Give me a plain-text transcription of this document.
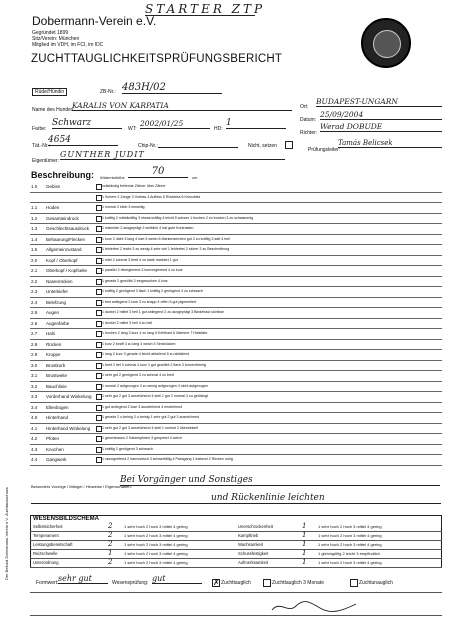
STARTER ZTP
Dobermann-Verein e.V.
Gegründet 1899
Sitz/Verein: München
Mitglied im VDH, im FCI, im IDC
ZUCHTTAUGLICHKEITSPRÜFUNGSBERICHT
Rüde/Hündin	ZB-Nr.: 483H/02
Ort:
BUDAPEST-UNGARN
Name des Hundes:
KARALIS VON KARPATIA
Datum:
25/09/2004
Farbe:
Schwarz
WT:
2002/01/25
HD:
1
Richter:
Werad DOBUDE
Tät.-Nr.:
4654
Chip-Nr.:	Nicht, setzen
Prüfungsleiter:
Tamás Belicsek
Eigentümer:
GUNTHER JUDIT
Beschreibung: Widerristhöhe
70
cm
1.0 Gebiss	vollständig fehlende Zähne: über Zähne
1 Schere 2 Zange 3 Vorbiss 4 Aufbiss 5 Rückbiss 6 Kreuzbiss
1.1 Hoden	1 normal 2 klein 3 einseitig
1.2 Gesamteindruck	1 kräftig 2 mittelkräftig 3 etwas kräftig 4 leicht 5 schwer 1 trocken 2 zu trocken 3 zu schwammig
1.3 Geschlechtsausdruck	1 männlich 2 ausgeprägt 3 weiblich 4 hat gute Kontrasten
1.4 Behaarung/Flecken	1 kurz 2 dicht 3 lang 4 hart 5 weich 6 Markenzeichen gut 2 zu kräftig 3 satt 4 hell
1.5 Allgemeinzustand	1 fehlerfrei 2 leicht 3 zu wenig 4 sehr viel 1 fehlerfrei 2 sicher 3 zu Beschreibung
2.0 Kopf / Oberkopf	1 edel 2 schmal 3 breit 4 zu stark markiert 1 gut
2.1 Oberkopf / Kopfseite	1 parallel 2 divergierend 3 konvergierend 4 zu kurz
2.2 Nasenrücken	1 gerade 2 gewölbt 3 eingesunken 4 kurz
2.3 Unterkiefer	1 kräftig 2 genügend 3 flach 1 kräftig 2 genügend 3 zu schwach
2.4 Belefzung	1 fest anliegend 2 lose 3 zu knapp 4 offen 5 gut pigmentiert
2.5 Augen	1 dunkel 2 mittel 3 hell 1 gut anliegend 2 zu ausgeprägt 3 Bindehaut sichtbar
2.6 Augenfarbe	1 dunkel 2 mittel 3 hell 4 zu hell
2.7 Hals	1 trocken 2 lang 3 kurz 4 zu lang 5 Kehlhaut 6 Wamme 7 Halsfalte
2.8 Rücken	1 kurz 2 straff 3 zu lang 4 weich 5 Senkrücken
2.9 Kruppe	1 lang 2 kurz 3 gerade 4 leicht abfallend 5 zu abfallend
3.0 Brustkorb	1 breit 2 tief 3 schmal 4 kurz 1 gut gewölbt 2 flach 3 tonnenförmig
3.1 Brustweite	1 sehr gut 2 genügend 3 zu schmal 4 zu breit
3.2 Bauchlinie	1 normal 2 aufgezogen 3 zu wenig aufgezogen 4 nicht aufgezogen
3.3 Vorderhand Winkelung	1 sehr gut 2 gut 3 ausreichend 4 steil 1 gut 2 normal 3 zu gedrängt
3.4 Ellenbogen	1 gut anliegend 2 lose 3 ausdrehend 4 eindrehend
4.0 Hinterhand	1 gerade 2 x-beinig 3 o-beinig 1 sehr gut 2 gut 3 ausreichend
4.1 Hinterhand Winkelung	1 sehr gut 2 gut 3 ausreichend 4 steil 1 normal 2 überwinkelt
4.2 Pfoten	1 geschlossen 2 Katzenpfoten 3 gespreizt 4 weich
4.3 Knochen	1 kräftig 2 genügend 3 schwach
4.4 Gangwerk	1 raumgreifend 2 harmonisch 3 schwerfällig 4 Passgang 1 trabend 2 Rücken ruhig
Besonders Vorzüge / Mängel / Hinweise / Eigenschaften:
Bei Vorgänger und Sonstiges
und Rückenlinie leichten
WESENSBILDSCHEMA
Selbstsicherheit	2	1 sehr hoch 2 hoch 3 mittel 4 gering	Unerschrockenheit	1	1 sehr hoch 2 hoch 3 mittel 4 gering
Temperament	2	1 sehr hoch 2 hoch 3 mittel 4 gering	Kampftrieb	1	1 sehr hoch 2 hoch 3 mittel 4 gering
Leistungsbereitschaft	2	1 sehr hoch 2 hoch 3 mittel 4 gering	Wachsamkeit	1	1 sehr hoch 2 hoch 3 mittel 4 gering
Reizschwelle	1	1 sehr hoch 2 hoch 3 mittel 4 gering	Schussfestigkeit	1	1 gleichgültig 2 leicht 3 empfindlich
Unterordnung	2	1 sehr hoch 2 hoch 3 mittel 4 gering	Aufmerksamkeit	1	1 sehr hoch 2 hoch 3 mittel 4 gering
Formwert: sehr gut	Wesensprüfung: gut	✗ Zuchttauglich	Zuchttauglich 3 Monate	Zuchtunauglich
Der Befund Dobermann-Verein e.V. Zuchtausschuss
